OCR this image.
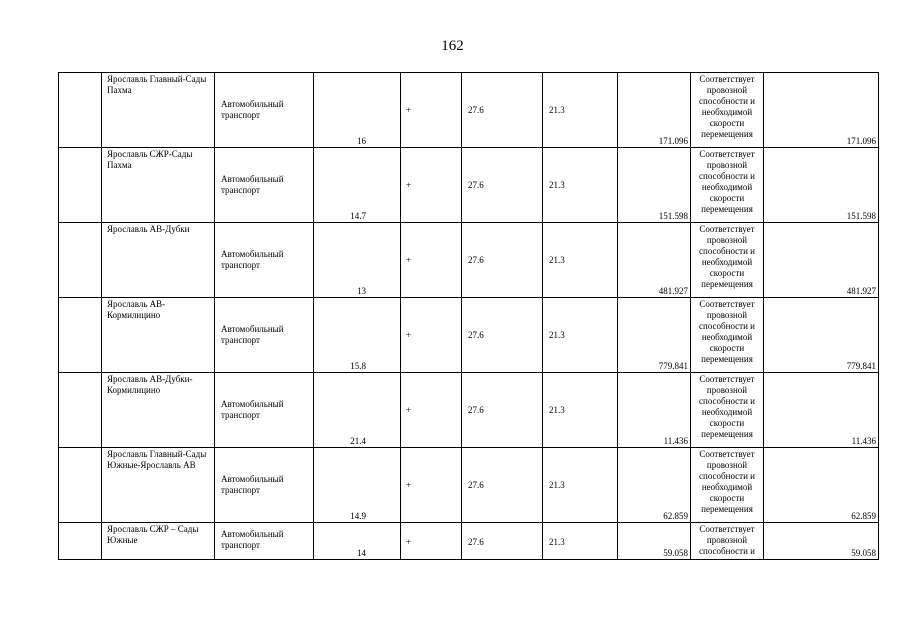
162

	Ярославль Главный-Сады Пахма	Автомобильный транспорт	16	+	27.6	21.3	171.096	Соответствует провозной способности и необходимой скорости перемещения	171.096

	Ярославль СЖР-Сады Пахма	Автомобильный транспорт	14.7	+	27.6	21.3	151.598	Соответствует провозной способности и необходимой скорости перемещения	151.598

	Ярославль АВ-Дубки	Автомобильный транспорт	13	+	27.6	21.3	481.927	Соответствует провозной способности и необходимой скорости перемещения	481.927

	Ярославль АВ-Кормилицино	Автомобильный транспорт	15.8	+	27.6	21.3	779.841	Соответствует провозной способности и необходимой скорости перемещения	779.841

	Ярославль АВ-Дубки-Кормилицино	Автомобильный транспорт	21.4	+	27.6	21.3	11.436	Соответствует провозной способности и необходимой скорости перемещения	11.436

	Ярославль Главный-Сады Южные-Ярославль АВ	Автомобильный транспорт	14.9	+	27.6	21.3	62.859	Соответствует провозной способности и необходимой скорости перемещения	62.859

	Ярославль СЖР – Сады Южные	Автомобильный транспорт	14	+	27.6	21.3	59.058	Соответствует провозной способности и	59.058
